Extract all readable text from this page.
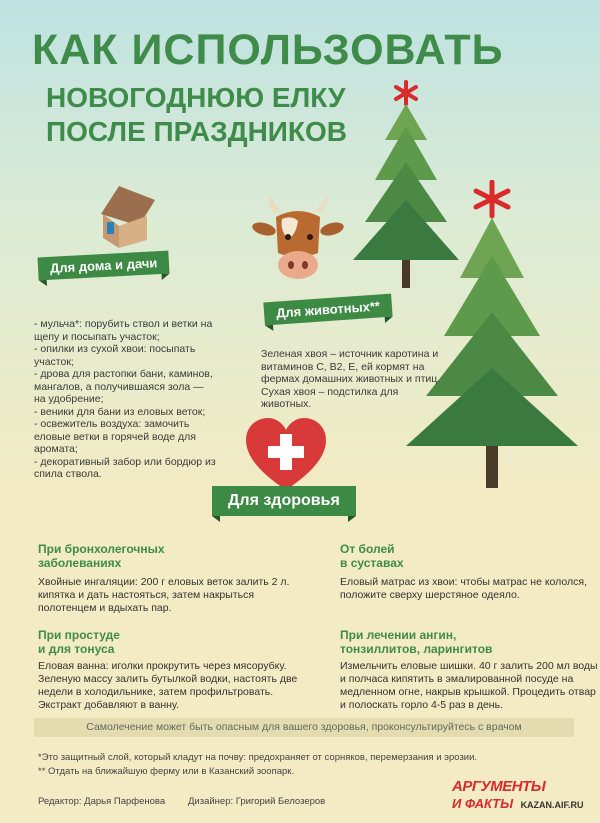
КАК ИСПОЛЬЗОВАТЬ
НОВОГОДНЮЮ ЕЛКУ
ПОСЛЕ ПРАЗДНИКОВ
Для дома и дачи
- мульча*: порубить ствол и ветки на
щепу и посыпать участок;
- опилки из сухой хвои: посыпать
участок;
- дрова для растопки бани, каминов,
мангалов, а получившаяся зола —
на удобрение;
- веники для бани из еловых веток;
- освежитель воздуха: замочить
еловые ветки в горячей воде для
аромата;
- декоративный забор или бордюр из
спила ствола.
Для животных**
Зеленая хвоя – источник каротина и
витаминов С, В2, Е, ей кормят на
фермах домашних животных и птиц.
Сухая хвоя – подстилка для
животных.
Для здоровья
При бронхолегочных
заболеваниях
Хвойные ингаляции: 200 г еловых веток залить 2 л.
кипятка и дать настояться, затем накрыться
полотенцем и вдыхать пар.
От болей
в суставах
Еловый матрас из хвои: чтобы матрас не кололся,
положите сверху шерстяное одеяло.
При простуде
и для тонуса
Еловая ванна: иголки прокрутить через мясорубку.
Зеленую массу залить бутылкой водки, настоять две
недели в холодильнике, затем профильтровать.
Экстракт добавляют в ванну.
При лечении ангин,
тонзиллитов, ларингитов
Измельчить еловые шишки. 40 г залить 200 мл воды
и полчаса кипятить в эмалированной посуде на
медленном огне, накрыв крышкой. Процедить отвар
и полоскать горло 4-5 раз в день.
Самолечение может быть опасным для вашего здоровья, проконсультируйтесь с врачом
*Это защитный слой, который кладут на почву: предохраняет от сорняков, перемерзания и эрозии.
** Отдать на ближайшую ферму или в Казанский зоопарк.
Редактор: Дарья Парфенова Дизайнер: Григорий Белозеров
АРГУМЕНТЫ
И ФАКТЫ KAZAN.AIF.RU
